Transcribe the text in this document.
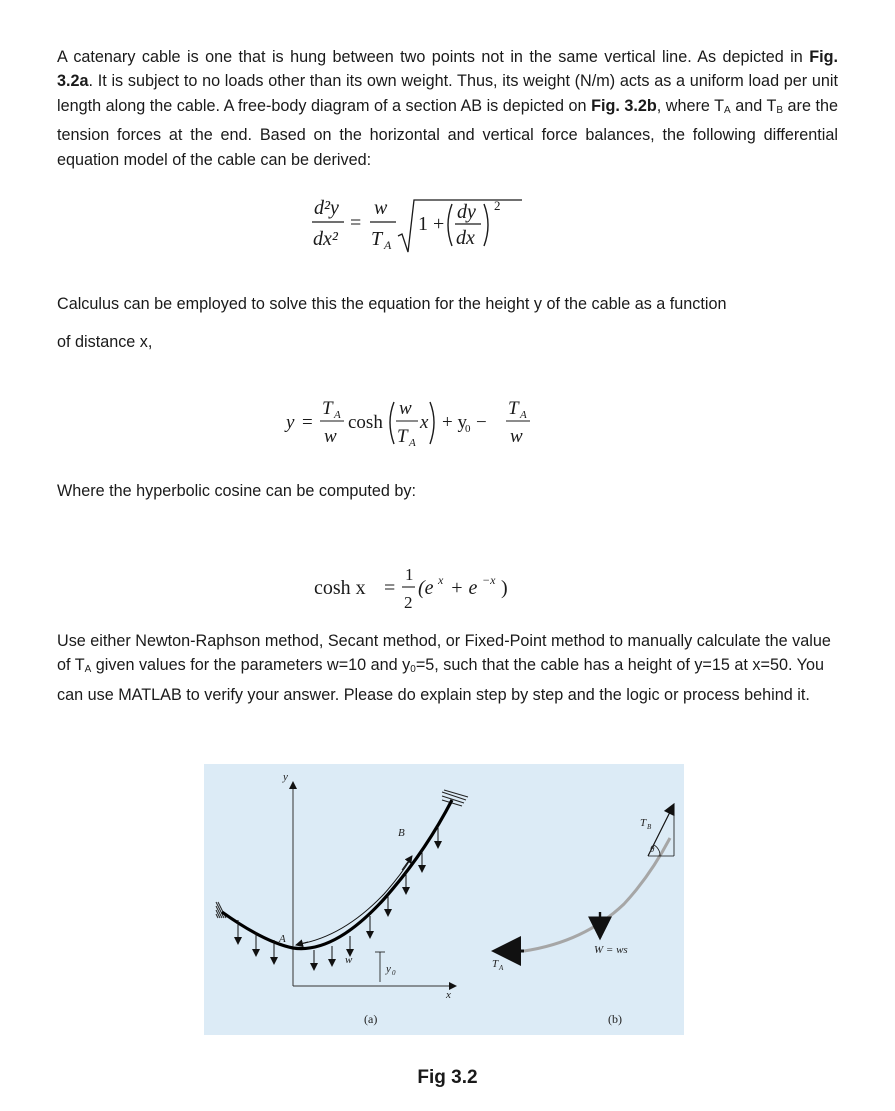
A catenary cable is one that is hung between two points not in the same vertical line. As depicted in Fig. 3.2a. It is subject to no loads other than its own weight. Thus, its weight (N/m) acts as a uniform load per unit length along the cable. A free-body diagram of a section AB is depicted on Fig. 3.2b, where $T_A$ and $T_B$ are the tension forces at the end. Based on the horizontal and vertical force balances, the following differential equation model of the cable can be derived:
d²y
dx²
=
w
T A
1 +
dy
dx
2
Calculus can be employed to solve this the equation for the height y of the cable as a function
of distance x,
y =
T A
w
cosh
w
T A
x + y
0 −
T A
w
Where the hyperbolic cosine can be computed by:
cosh x =
1
2
(e x + e −x )
Use either Newton-Raphson method, Secant method, or Fixed-Point method to manually calculate the value of $T_A$ given values for the parameters w=10 and $y_0=5$, such that the cable has a height of y=15 at x=50. You can use MATLAB to verify your answer. Please do explain step by step and the logic or process behind it.
y
x
A
B
w
y 0
(a)
T A
W = ws
θ
T B
(b)
Fig 3.2
